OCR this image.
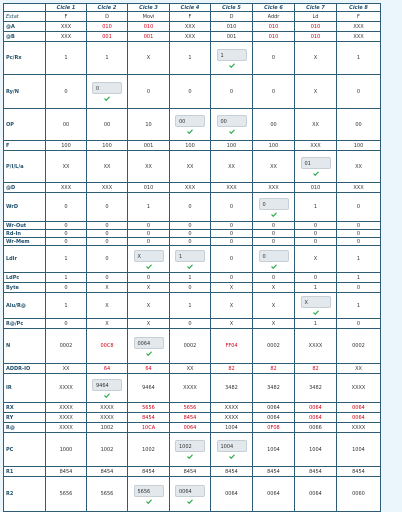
	Cicle 1	Cicle 2	Cicle 3	Cicle 4	Cicle 5	Cicle 6	Cicle 7	Cicle 8
Estat	F	D	Movi	F	D	Addr	Ld	F
@A	XXX	010	010	XXX	010	010	010	XXX
@B	XXX	001	001	XXX	001	010	010	XXX
Pc/Rx	1	1	X	1	1	0	X	1
Ry/N	0	0	0	0	0	0	X	0
OP	00	00	10	00	00	00	XX	00
F	100	100	001	100	100	100	XXX	100
P/I/L/a	XX	XX	XX	XX	XX	XX	01	XX
@D	XXX	XXX	010	XXX	XXX	XXX	010	XXX
WrD	0	0	1	0	0	0	1	0
Wr-Out	0	0	0	0	0	0	0	0
Rd-In	0	0	0	0	0	0	0	0
Wr-Mem	0	0	0	0	0	0	0	0
Ldlr	1	0	X	1	0	0	X	1
LdPc	1	0	0	1	0	0	0	1
Byte	0	X	X	0	X	X	1	0
Alu/R@	1	X	X	1	X	X	X	1
R@/Pc	0	X	X	0	X	X	1	0
N	0002	00C8	0064	0002	FF04	0002	XXXX	0002
ADDR-IO	XX	64	64	XX	82	82	82	XX
IR	XXXX	9464	9464	XXXX	3482	3482	3482	XXXX
RX	XXXX	XXXX	5656	5656	XXXX	0064	0064	0064
RY	XXXX	XXXX	8454	8454	XXXX	0064	0064	0064
R@	XXXX	1002	10CA	0064	1004	0F08	0066	XXXX
PC	1000	1002	1002	1002	1004	1004	1004	1004
R1	8454	8454	8454	8454	8454	8454	8454	8454
R2	5656	5656	5656	0064	0064	0064	0064	0060
